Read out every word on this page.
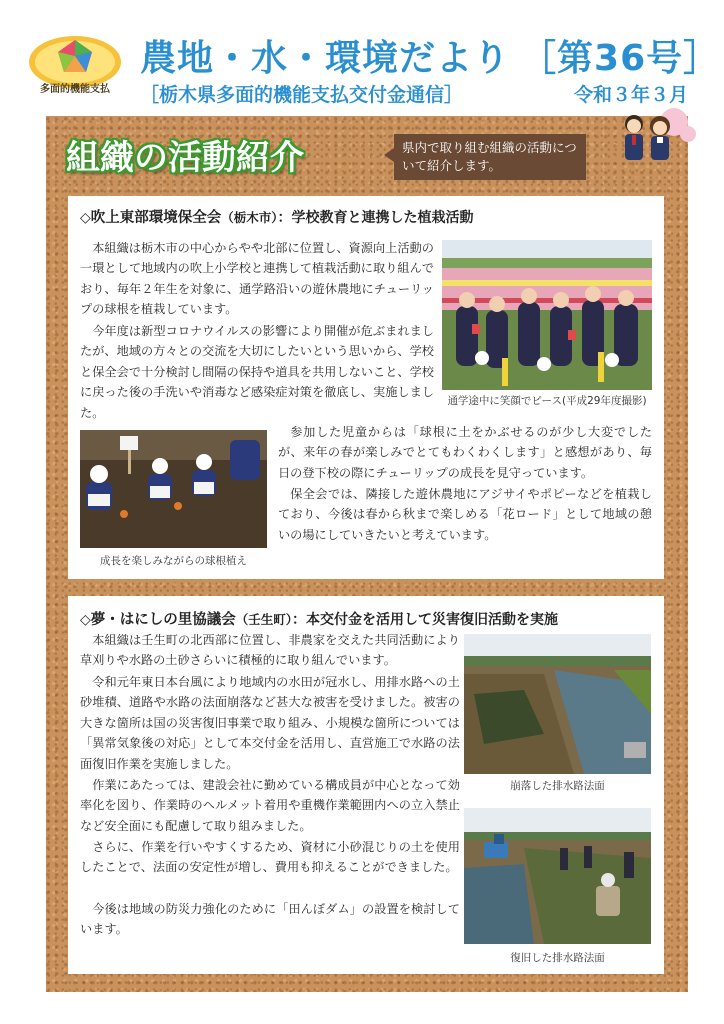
多面的機能支払
農地・水・環境だより ［第36号］
［栃木県多面的機能支払交付金通信］	令和３年３月
組織の活動紹介	県内で取り組む組織の活動について紹介します。
◇吹上東部環境保全会（栃木市）：学校教育と連携した植栽活動

本組織は栃木市の中心からやや北部に位置し、資源向上活動の一環として地域内の吹上小学校と連携して植栽活動に取り組んでおり、毎年２年生を対象に、通学路沿いの遊休農地にチューリップの球根を植栽しています。

今年度は新型コロナウイルスの影響により開催が危ぶまれましたが、地域の方々との交流を大切にしたいという思いから、学校と保全会で十分検討し間隔の保持や道具を共用しないこと、学校に戻った後の手洗いや消毒など感染症対策を徹底し、実施しました。

参加した児童からは「球根に土をかぶせるのが少し大変でしたが、来年の春が楽しみでとてもわくわくします」と感想があり、毎日の登下校の際にチューリップの成長を見守っています。

保全会では、隣接した遊休農地にアジサイやポピーなどを植栽しており、今後は春から秋まで楽しめる「花ロード」として地域の憩いの場にしていきたいと考えています。

通学途中に笑顔でピース(平成29年度撮影)
成長を楽しみながらの球根植え
◇夢・はにしの里協議会（壬生町）：本交付金を活用して災害復旧活動を実施

本組織は壬生町の北西部に位置し、非農家を交えた共同活動により草刈りや水路の土砂さらいに積極的に取り組んでいます。

令和元年東日本台風により地域内の水田が冠水し、用排水路への土砂堆積、道路や水路の法面崩落など甚大な被害を受けました。被害の大きな箇所は国の災害復旧事業で取り組み、小規模な箇所については「異常気象後の対応」として本交付金を活用し、直営施工で水路の法面復旧作業を実施しました。

作業にあたっては、建設会社に勤めている構成員が中心となって効率化を図り、作業時のヘルメット着用や重機作業範囲内への立入禁止など安全面にも配慮して取り組みました。

さらに、作業を行いやすくするため、資材に小砂混じりの土を使用したことで、法面の安定性が増し、費用も抑えることができました。

今後は地域の防災力強化のために「田んぼダム」の設置を検討しています。

崩落した排水路法面
復旧した排水路法面
